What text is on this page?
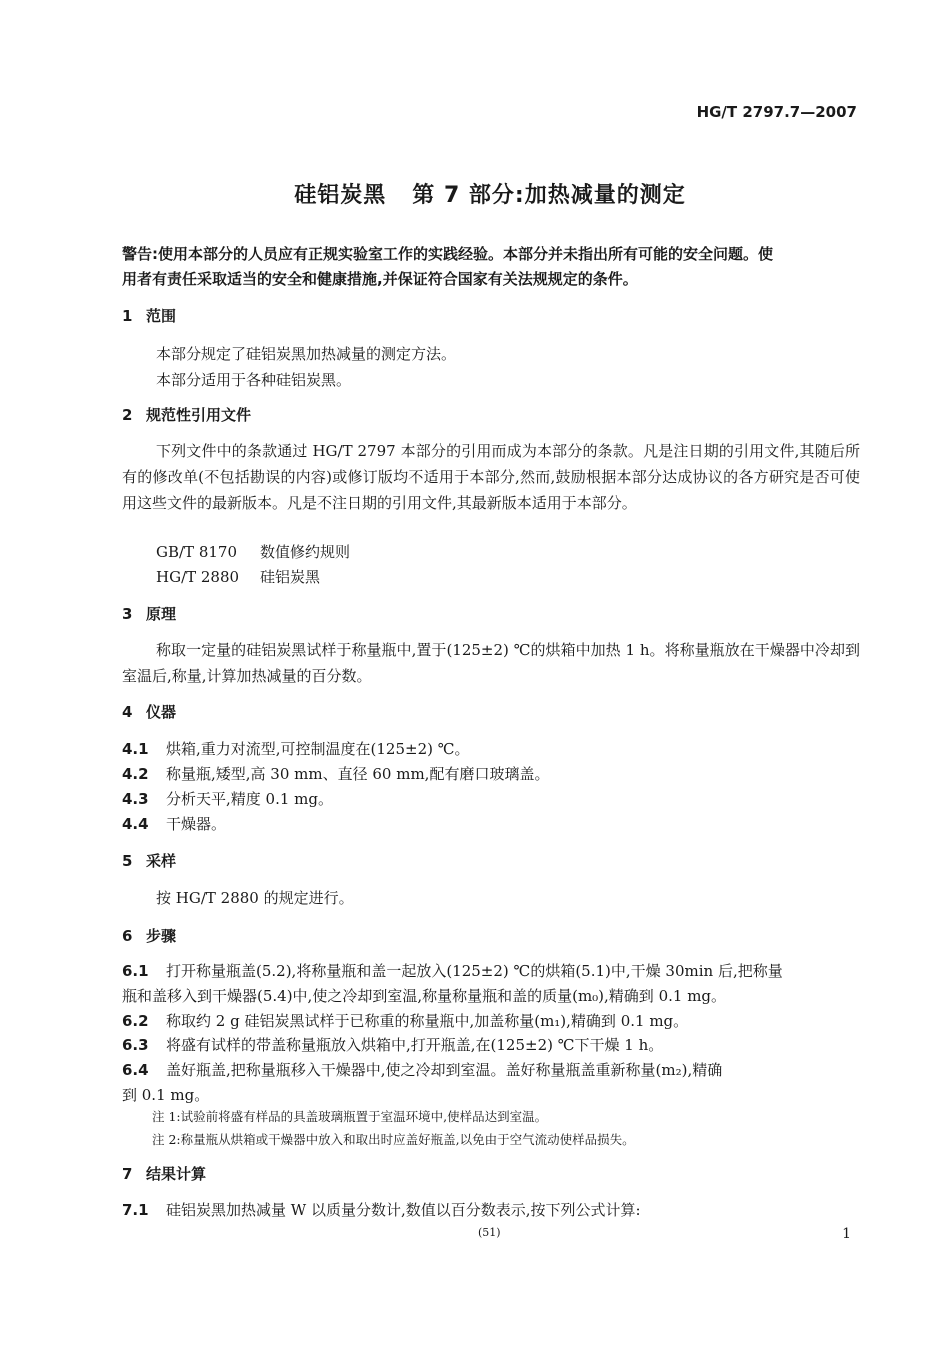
HG/T 2797.7—2007
硅铝炭黑 第 7 部分:加热减量的测定
警告:使用本部分的人员应有正规实验室工作的实践经验。本部分并未指出所有可能的安全问题。使
用者有责任采取适当的安全和健康措施,并保证符合国家有关法规规定的条件。
1 范围
本部分规定了硅铝炭黑加热减量的测定方法。
本部分适用于各种硅铝炭黑。
2 规范性引用文件
下列文件中的条款通过 HG/T 2797 本部分的引用而成为本部分的条款。凡是注日期的引用文件,其随后所有的修改单(不包括勘误的内容)或修订版均不适用于本部分,然而,鼓励根据本部分达成协议的各方研究是否可使用这些文件的最新版本。凡是不注日期的引用文件,其最新版本适用于本部分。
GB/T 8170 数值修约规则
HG/T 2880 硅铝炭黑
3 原理
称取一定量的硅铝炭黑试样于称量瓶中,置于(125±2) ℃的烘箱中加热 1 h。将称量瓶放在干燥器中冷却到室温后,称量,计算加热减量的百分数。
4 仪器
4.1 烘箱,重力对流型,可控制温度在(125±2) ℃。
4.2 称量瓶,矮型,高 30 mm、直径 60 mm,配有磨口玻璃盖。
4.3 分析天平,精度 0.1 mg。
4.4 干燥器。
5 采样
按 HG/T 2880 的规定进行。
6 步骤
6.1 打开称量瓶盖(5.2),将称量瓶和盖一起放入(125±2) ℃的烘箱(5.1)中,干燥 30min 后,把称量
瓶和盖移入到干燥器(5.4)中,使之冷却到室温,称量称量瓶和盖的质量(m₀),精确到 0.1 mg。
6.2 称取约 2 g 硅铝炭黑试样于已称重的称量瓶中,加盖称量(m₁),精确到 0.1 mg。
6.3 将盛有试样的带盖称量瓶放入烘箱中,打开瓶盖,在(125±2) ℃下干燥 1 h。
6.4 盖好瓶盖,把称量瓶移入干燥器中,使之冷却到室温。盖好称量瓶盖重新称量(m₂),精确
到 0.1 mg。
注 1:试验前将盛有样品的具盖玻璃瓶置于室温环境中,使样品达到室温。
注 2:称量瓶从烘箱或干燥器中放入和取出时应盖好瓶盖,以免由于空气流动使样品损失。
7 结果计算
7.1 硅铝炭黑加热减量 W 以质量分数计,数值以百分数表示,按下列公式计算:
(51)	1
